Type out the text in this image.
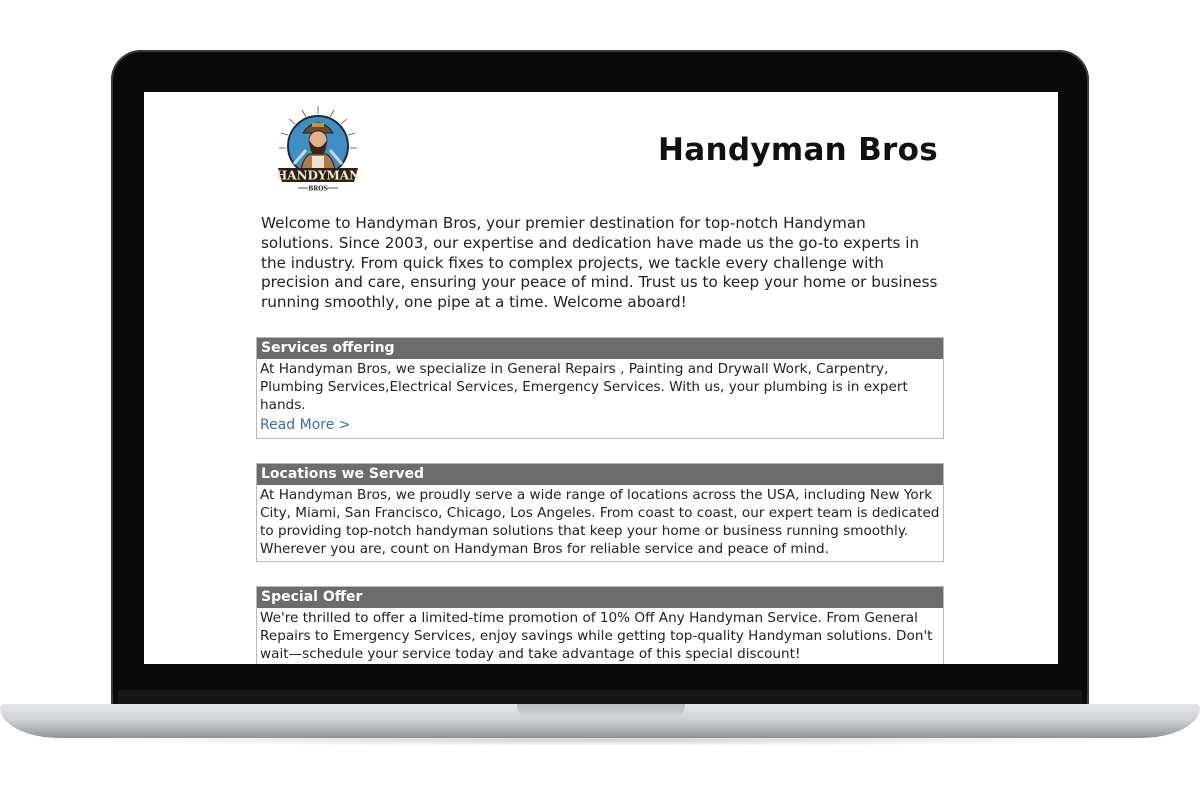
HANDYMAN
BROS
Handyman Bros

Welcome to Handyman Bros, your premier destination for top-notch Handyman solutions. Since 2003, our expertise and dedication have made us the go-to experts in the industry. From quick fixes to complex projects, we tackle every challenge with precision and care, ensuring your peace of mind. Trust us to keep your home or business running smoothly, one pipe at a time. Welcome aboard!

Services offering
At Handyman Bros, we specialize in General Repairs , Painting and Drywall Work, Carpentry, Plumbing Services,Electrical Services, Emergency Services. With us, your plumbing is in expert hands.
Read More >
Locations we Served
At Handyman Bros, we proudly serve a wide range of locations across the USA, including New York City, Miami, San Francisco, Chicago, Los Angeles. From coast to coast, our expert team is dedicated to providing top-notch handyman solutions that keep your home or business running smoothly. Wherever you are, count on Handyman Bros for reliable service and peace of mind.
Special Offer
We're thrilled to offer a limited-time promotion of 10% Off Any Handyman Service. From General Repairs to Emergency Services, enjoy savings while getting top-quality Handyman solutions. Don't wait—schedule your service today and take advantage of this special discount!
